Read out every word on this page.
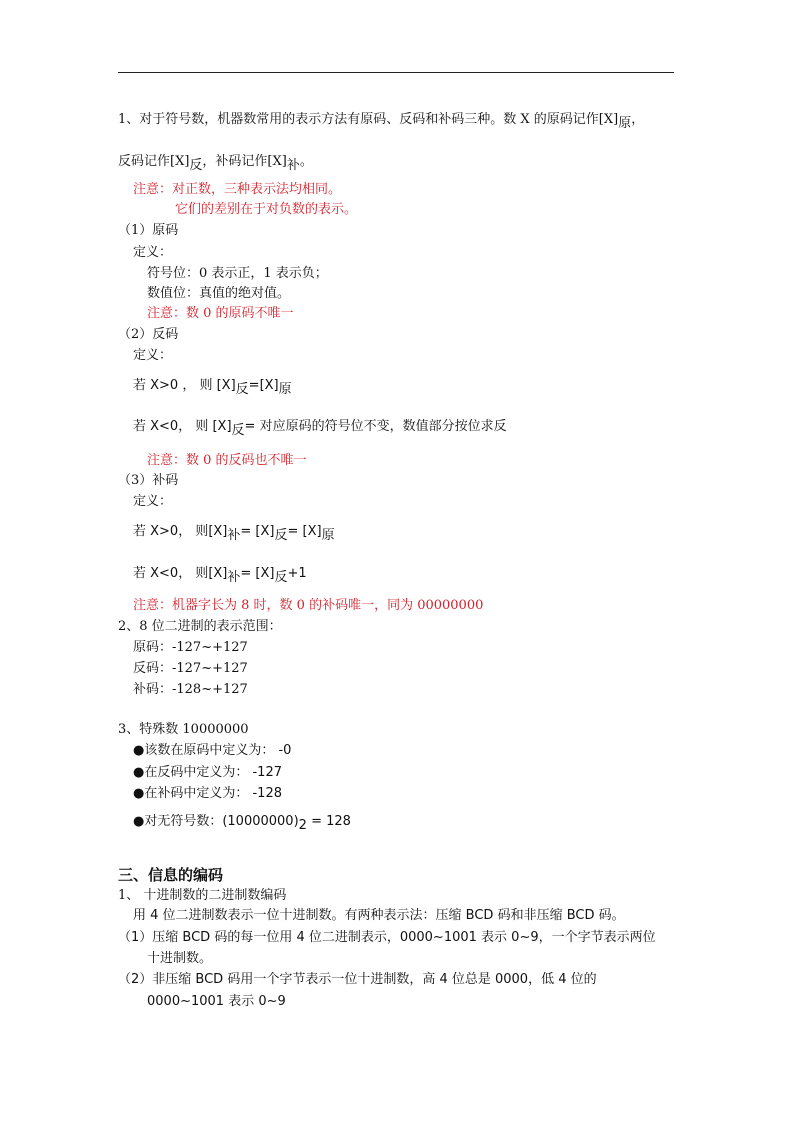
1、对于符号数，机器数常用的表示方法有原码、反码和补码三种。数 X 的原码记作$[X]_原$，
反码记作$[X]_反$，补码记作$[X]_补$。
注意：对正数，三种表示法均相同。
它们的差别在于对负数的表示。
（1）原码
定义：
符号位：0 表示正，1 表示负；
数值位：真值的绝对值。
注意：数 0 的原码不唯一
（2）反码
定义：
若 X>0 ， 则 $[X]_反=[X]_原$
若 X<0， 则 $[X]_反=$ 对应原码的符号位不变，数值部分按位求反
注意：数 0 的反码也不唯一
（3）补码
定义：
若 X>0， 则$[X]_补= [X]_反= [X]_原$
若 X<0， 则$[X]_补= [X]_反+1$
注意：机器字长为 8 时，数 0 的补码唯一，同为 00000000
2、8 位二进制的表示范围：
原码：-127~+127
反码：-127~+127
补码：-128~+127
3、特殊数 10000000
●该数在原码中定义为： -0
●在反码中定义为： -127
●在补码中定义为： -128
●对无符号数：$(10000000)_2 = 128$
三、信息的编码
1、 十进制数的二进制数编码
用 4 位二进制数表示一位十进制数。有两种表示法：压缩 BCD 码和非压缩 BCD 码。
（1）压缩 BCD 码的每一位用 4 位二进制表示，0000~1001 表示 0~9，一个字节表示两位
十进制数。
（2）非压缩 BCD 码用一个字节表示一位十进制数，高 4 位总是 0000，低 4 位的
0000~1001 表示 0~9
